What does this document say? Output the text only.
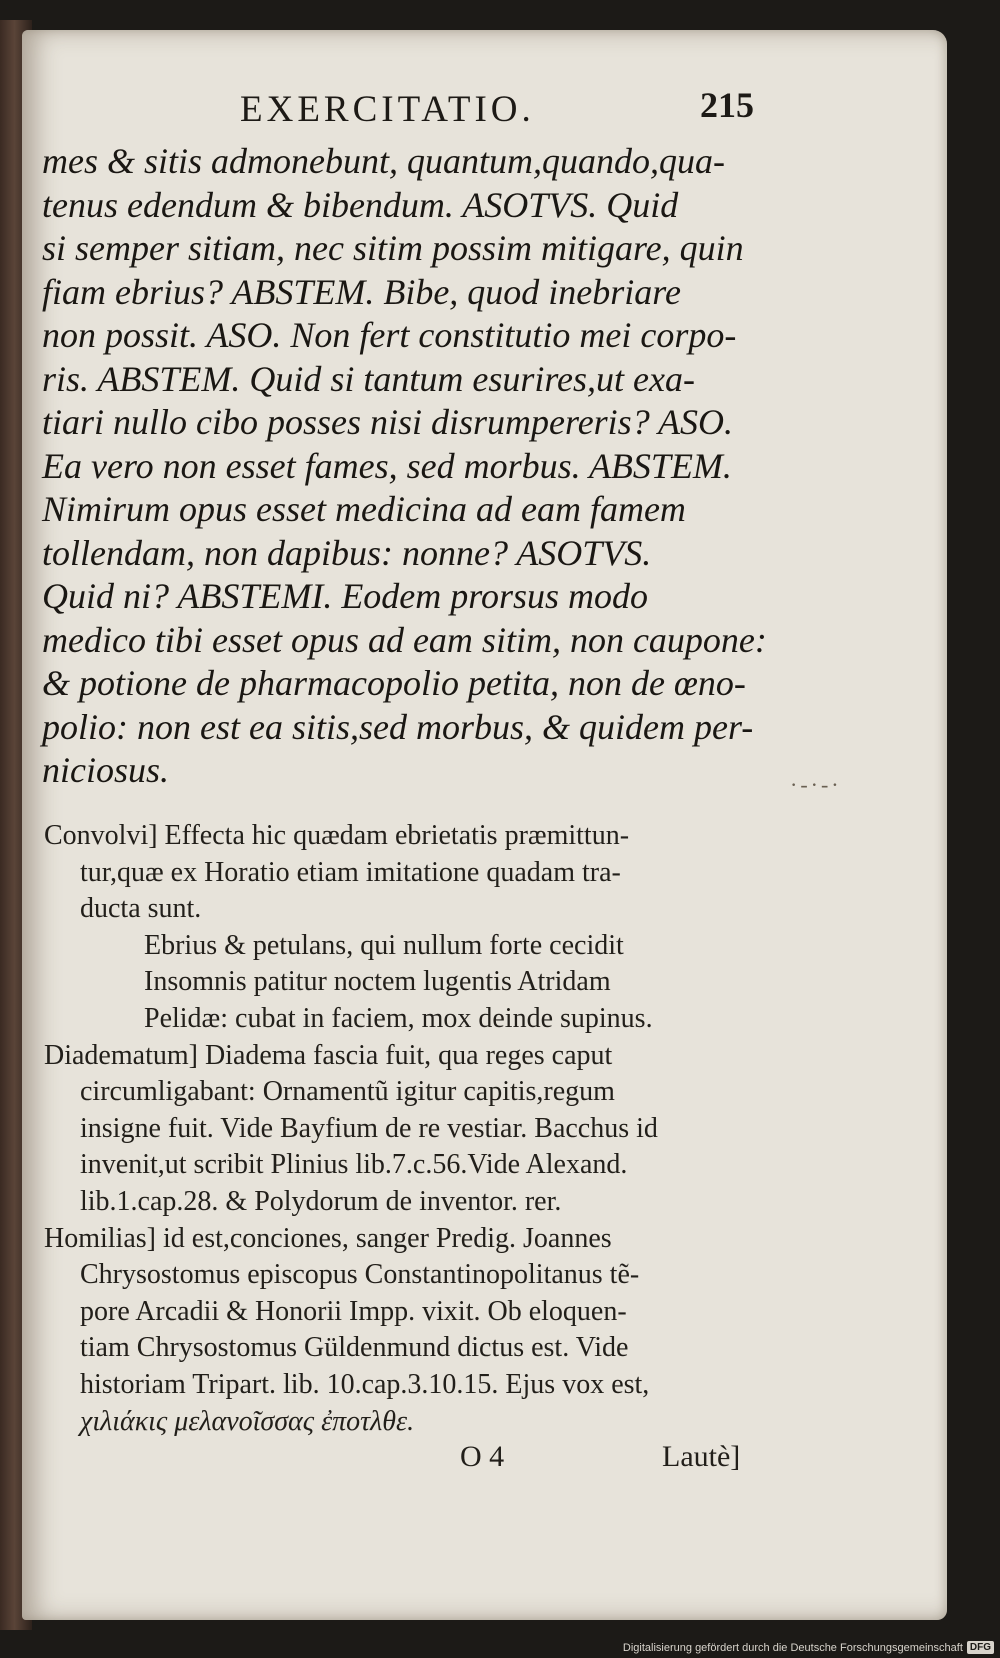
EXERCITATIO.	215
mes & sitis admonebunt, quantum,quando,qua-
tenus edendum & bibendum. ASOTVS. Quid
si semper sitiam, nec sitim possim mitigare, quin
fiam ebrius? ABSTEM. Bibe, quod inebriare
non possit. ASO. Non fert constitutio mei corpo-
ris. ABSTEM. Quid si tantum esurires,ut exa-
tiari nullo cibo posses nisi disrumpereris? ASO.
Ea vero non esset fames, sed morbus. ABSTEM.
Nimirum opus esset medicina ad eam famem
tollendam, non dapibus: nonne? ASOTVS.
Quid ni? ABSTEMI. Eodem prorsus modo
medico tibi esset opus ad eam sitim, non caupone:
& potione de pharmacopolio petita, non de œno-
polio: non est ea sitis,sed morbus, & quidem per-
niciosus.	·-·-·
Convolvi] Effecta hic quædam ebrietatis præmittun-
tur,quæ ex Horatio etiam imitatione quadam tra-
ducta sunt.
Ebrius & petulans, qui nullum forte cecidit
Insomnis patitur noctem lugentis Atridam
Pelidæ: cubat in faciem, mox deinde supinus.
Diadematum] Diadema fascia fuit, qua reges caput
circumligabant: Ornamentũ igitur capitis,regum
insigne fuit. Vide Bayfium de re vestiar. Bacchus id
invenit,ut scribit Plinius lib.7.c.56.Vide Alexand.
lib.1.cap.28. & Polydorum de inventor. rer.
Homilias] id est,conciones, sanger Predig. Joannes
Chrysostomus episcopus Constantinopolitanus tẽ-
pore Arcadii & Honorii Impp. vixit. Ob eloquen-
tiam Chrysostomus Güldenmund dictus est. Vide
historiam Tripart. lib. 10.cap.3.10.15. Ejus vox est,
χιλιάκις μελανοῖσσας ἐποτλθε.
O 4	Lautè]
Digitalisierung gefördert durch die Deutsche Forschungsgemeinschaft DFG
